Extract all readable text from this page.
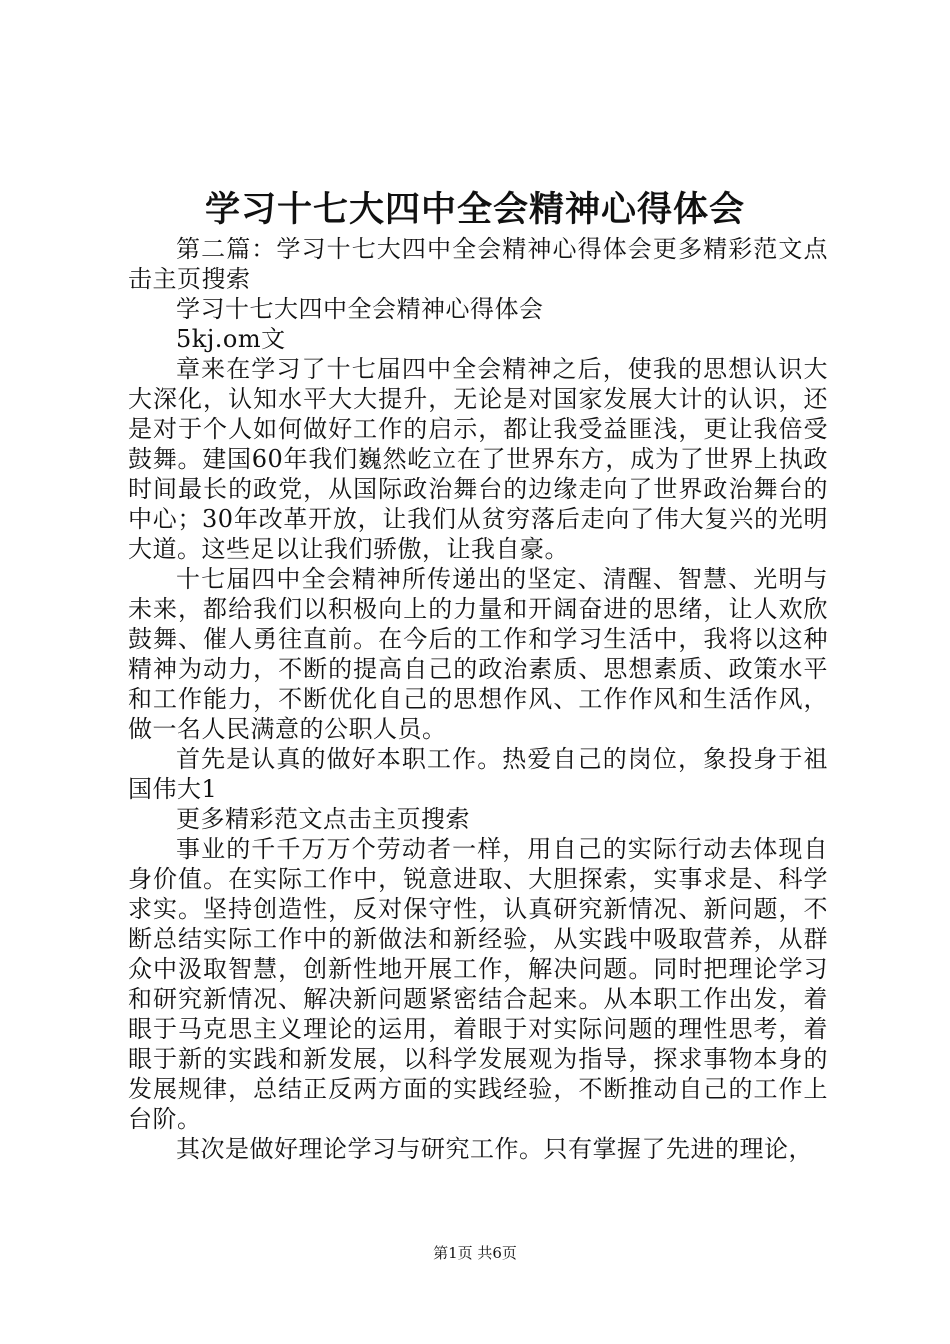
学习十七大四中全会精神心得体会

第二篇：学习十七大四中全会精神心得体会更多精彩范文点击主页搜索

学习十七大四中全会精神心得体会

5kj.om文

章来在学习了十七届四中全会精神之后，使我的思想认识大大深化，认知水平大大提升，无论是对国家发展大计的认识，还是对于个人如何做好工作的启示，都让我受益匪浅，更让我倍受鼓舞。建国60年我们巍然屹立在了世界东方，成为了世界上执政时间最长的政党，从国际政治舞台的边缘走向了世界政治舞台的中心；30年改革开放，让我们从贫穷落后走向了伟大复兴的光明大道。这些足以让我们骄傲，让我自豪。

十七届四中全会精神所传递出的坚定、清醒、智慧、光明与未来，都给我们以积极向上的力量和开阔奋进的思绪，让人欢欣鼓舞、催人勇往直前。在今后的工作和学习生活中，我将以这种精神为动力，不断的提高自己的政治素质、思想素质、政策水平和工作能力，不断优化自己的思想作风、工作作风和生活作风，做一名人民满意的公职人员。

首先是认真的做好本职工作。热爱自己的岗位，象投身于祖国伟大1

更多精彩范文点击主页搜索

事业的千千万万个劳动者一样，用自己的实际行动去体现自身价值。在实际工作中，锐意进取、大胆探索，实事求是、科学求实。坚持创造性，反对保守性，认真研究新情况、新问题，不断总结实际工作中的新做法和新经验，从实践中吸取营养，从群众中汲取智慧，创新性地开展工作，解决问题。同时把理论学习和研究新情况、解决新问题紧密结合起来。从本职工作出发，着眼于马克思主义理论的运用，着眼于对实际问题的理性思考，着眼于新的实践和新发展，以科学发展观为指导，探求事物本身的发展规律，总结正反两方面的实践经验，不断推动自己的工作上台阶。

其次是做好理论学习与研究工作。只有掌握了先进的理论，

第1页 共6页
